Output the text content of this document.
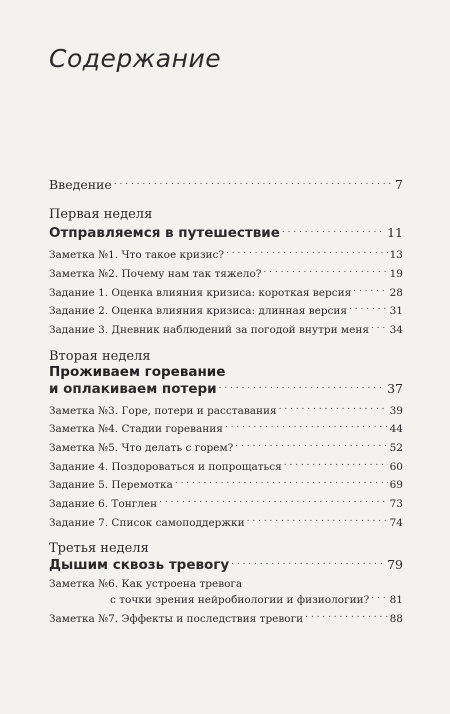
Содержание
Введение . . .	7
Первая неделя
Отправляемся в путешествие . . .	11
Заметка №1. Что такое кризис? . . .	13
Заметка №2. Почему нам так тяжело? . . .	19
Задание 1. Оценка влияния кризиса: короткая версия . . .	28
Задание 2. Оценка влияния кризиса: длинная версия . . .	31
Задание 3. Дневник наблюдений за погодой внутри меня . . . 34
Вторая неделя
Проживаем горевание
и оплакиваем потери . . .	37
Заметка №3. Горе, потери и расставания . . .	39
Заметка №4. Стадии горевания . . .	44
Заметка №5. Что делать с горем? . . .	52
Задание 4. Поздороваться и попрощаться . . .	60
Задание 5. Перемотка . . .	69
Задание 6. Тонглен . . .	73
Задание 7. Список самоподдержки . . .	74
Третья неделя
Дышим сквозь тревогу . . .	79
Заметка №6. Как устроена тревога
с точки зрения нейробиологии и физиологии? . . . 81
Заметка №7. Эффекты и последствия тревоги . . .	88
